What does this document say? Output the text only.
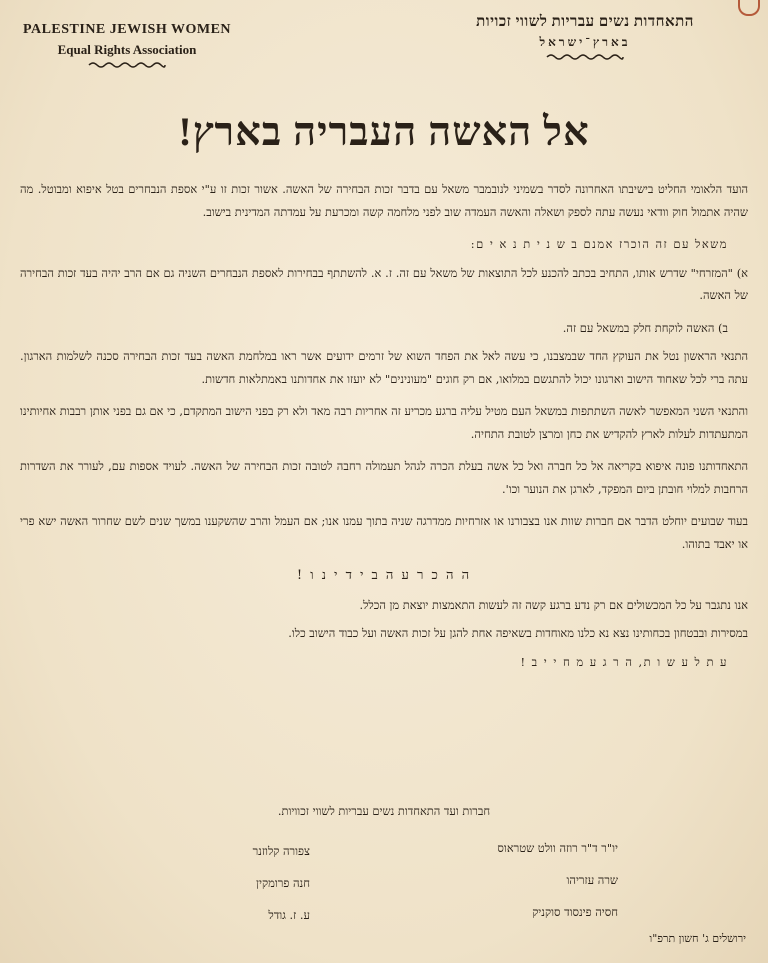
PALESTINE JEWISH WOMEN
Equal Rights Association
התאחדות נשים עבריות לשווי זכויות
בארץ־ישראל
אל האשה העבריה בארץ!

הועד הלאומי החליט בישיבתו האחרונה לסדר בשמיני לנובמבר משאל עם בדבר זכות הבחירה של האשה. אשור זכות זו ע"י אספת הנבחרים בטל איפוא ומבוטל. מה שהיה אתמול חוק וודאי נעשה עתה לספק ושאלה והאשה העמדה שוב לפני מלחמה קשה ומכרעת על עמדתה המדינית בישוב.

משאל עם זה הוכרז אמנם ב ש נ י ת נ א י ם:

א) "המזרחי" שדרש אותו, התחיב בכתב להכנע לכל התוצאות של משאל עם זה. ז. א. להשתתף בבחירות לאספת הנבחרים השניה גם אם הרב יהיה בעד זכות הבחירה של האשה.

ב) האשה לוקחת חלק במשאל עם זה.

התנאי הראשון נטל את העוקץ החד שבמצבנו, כי עשה לאל את הפחד השוא של זרמים ידועים אשר ראו במלחמת האשה בעד זכות הבחירה סכנה לשלמות הארגון. עתה ברי לכל שאחוד הישוב וארגונו יכול להתגשם במלואו, אם רק חוגים "מעונינים" לא יועזו את אחדותנו באמתלאות חדשות.

והתנאי השני המאפשר לאשה השתתפות במשאל העם מטיל עליה ברגע מכריע זה אחריות רבה מאד ולא רק בפני הישוב המתקדם, כי אם גם בפני אותן רבבות אחיותינו המתעתדות לעלות לארץ להקדיש את כחן ומרצן לטובת התחיה.

התאחדותנו פונה איפוא בקריאה אל כל חברה ואל כל אשה בעלת הכרה לגהל תעמולה רחבה לטובה זכות הבחירה של האשה. לעויד אספות עם, לעורר את השדרות הרחבות למלוי חובתן ביום המפקד, לארגן את הנוער וכו'.

בעוד שבועים יוחלט הדבר אם חברות שוות אנו בצבורנו או אזרחיות ממדרגה שניה בתוך עמנו אנו; אם העמל והרב שהשקענו במשך שנים לשם שחרור האשה ישא פרי או יאבד בתוהו.

ה ה כ ר ע ה ב י ד י נ ו !

אנו נתגבר על כל המכשולים אם רק נדע ברגע קשה זה לעשות התאמצות יוצאת מן הכלל.

במסירות ובבטחון בכחותינו נצא נא כלנו מאוחדות בשאיפה אחת להגן על זכות האשה ועל כבוד הישוב כלו.

ע ת ל ע ש ו ת, ה ר ג ע מ ח י י ב !

חברות ועד התאחדות נשים עבריות לשווי זכוויות.
יו"ר ד"ר רוזה וולט שטראוס
שרה עזריהו
חסיה פינסוד סוקניק
צפורה קלוזנר
חנה פרומקין
ע. ז. גודל
ירושלים ג' חשון תרפ"ו
